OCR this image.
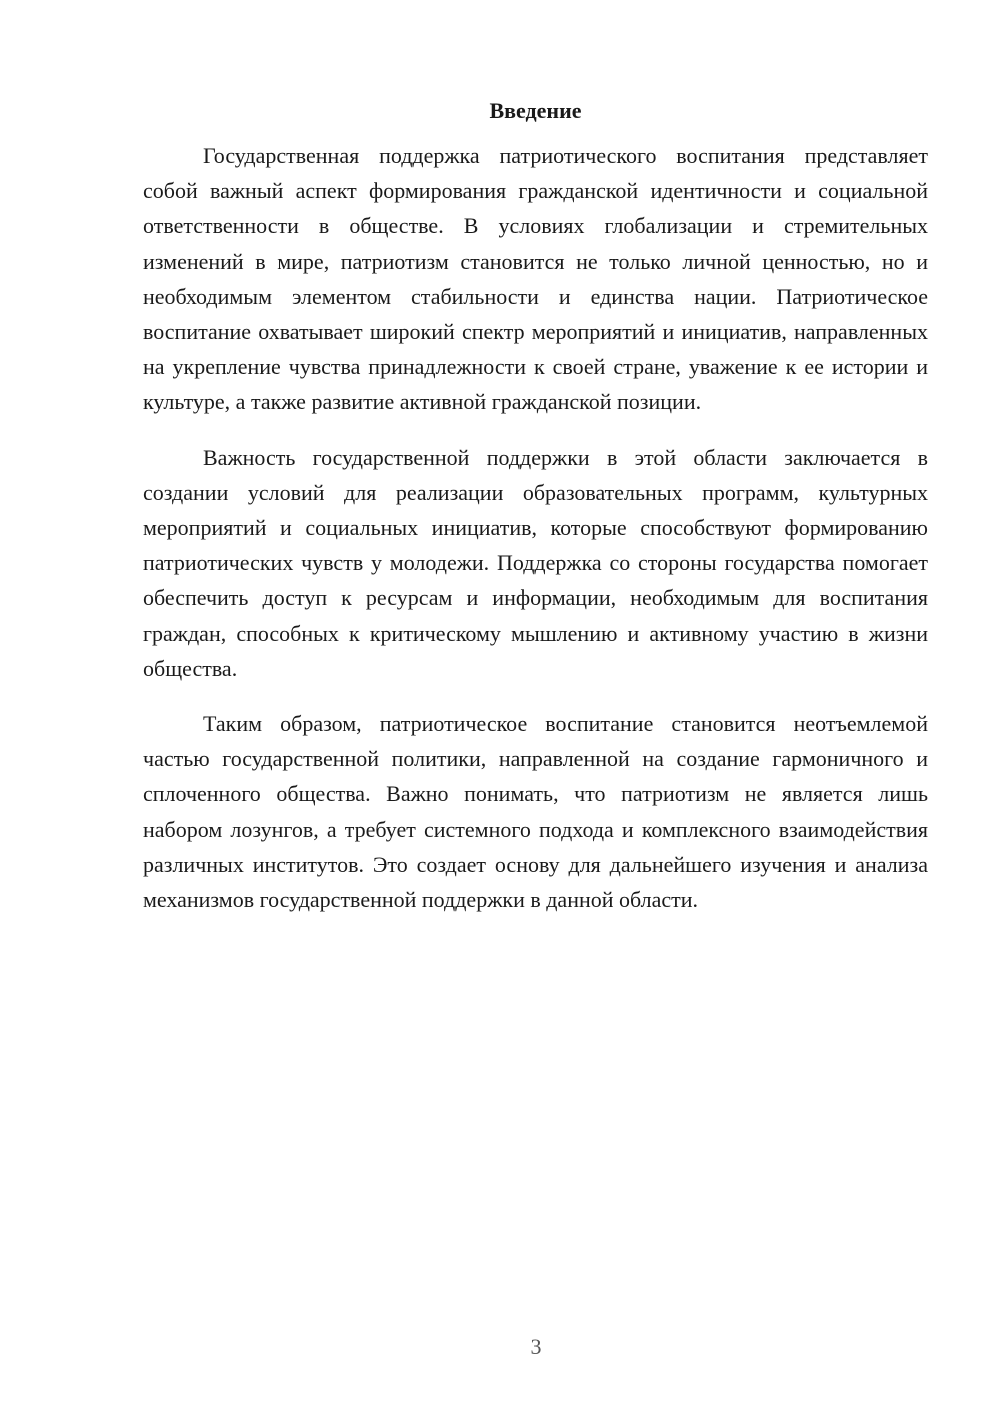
Введение

Государственная поддержка патриотического воспитания представляет собой важный аспект формирования гражданской идентичности и социальной ответственности в обществе. В условиях глобализации и стремительных изменений в мире, патриотизм становится не только личной ценностью, но и необходимым элементом стабильности и единства нации. Патриотическое воспитание охватывает широкий спектр мероприятий и инициатив, направленных на укрепление чувства принадлежности к своей стране, уважение к ее истории и культуре, а также развитие активной гражданской позиции.

Важность государственной поддержки в этой области заключается в создании условий для реализации образовательных программ, культурных мероприятий и социальных инициатив, которые способствуют формированию патриотических чувств у молодежи. Поддержка со стороны государства помогает обеспечить доступ к ресурсам и информации, необходимым для воспитания граждан, способных к критическому мышлению и активному участию в жизни общества.

Таким образом, патриотическое воспитание становится неотъемлемой частью государственной политики, направленной на создание гармоничного и сплоченного общества. Важно понимать, что патриотизм не является лишь набором лозунгов, а требует системного подхода и комплексного взаимодействия различных институтов. Это создает основу для дальнейшего изучения и анализа механизмов государственной поддержки в данной области.

3
